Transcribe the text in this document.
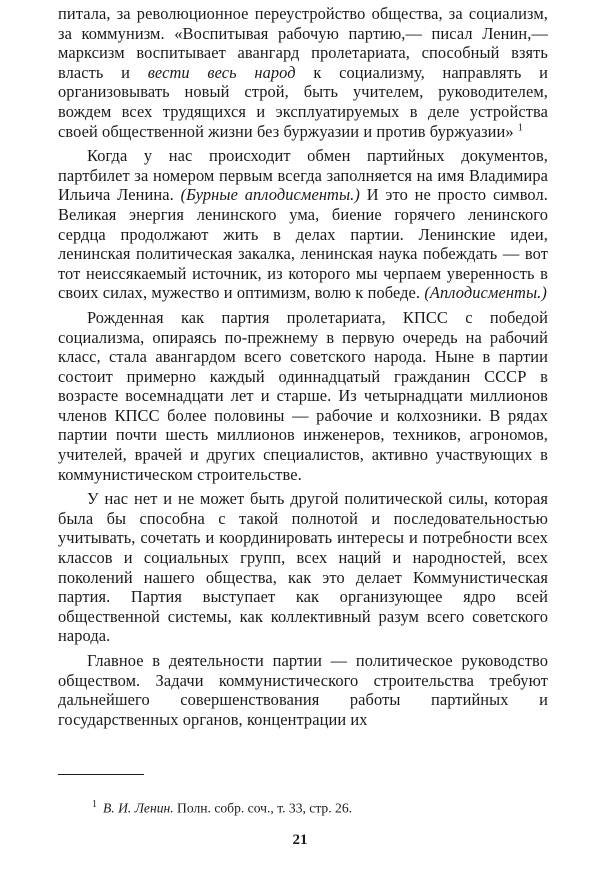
питала, за революционное переустройство общества, за социализм, за коммунизм. «Воспитывая рабочую партию,— писал Ленин,— марксизм воспитывает авангард пролетариата, способный взять власть и вести весь народ к социализму, направлять и организовывать новый строй, быть учителем, руководителем, вождем всех трудящихся и эксплуатируемых в деле устройства своей общественной жизни без буржуазии и против буржуазии» $^1$

Когда у нас происходит обмен партийных документов, партбилет за номером первым всегда заполняется на имя Владимира Ильича Ленина. (Бурные аплодисменты.) И это не просто символ. Великая энергия ленинского ума, биение горячего ленинского сердца продолжают жить в делах партии. Ленинские идеи, ленинская политическая закалка, ленинская наука побеждать — вот тот неиссякаемый источник, из которого мы черпаем уверенность в своих силах, мужество и оптимизм, волю к победе. (Аплодисменты.)

Рожденная как партия пролетариата, КПСС с победой социализма, опираясь по-прежнему в первую очередь на рабочий класс, стала авангардом всего советского народа. Ныне в партии состоит примерно каждый одиннадцатый гражданин СССР в возрасте восемнадцати лет и старше. Из четырнадцати миллионов членов КПСС более половины — рабочие и колхозники. В рядах партии почти шесть миллионов инженеров, техников, агрономов, учителей, врачей и других специалистов, активно участвующих в коммунистическом строительстве.

У нас нет и не может быть другой политической силы, которая была бы способна с такой полнотой и последовательностью учитывать, сочетать и координировать интересы и потребности всех классов и социальных групп, всех наций и народностей, всех поколений нашего общества, как это делает Коммунистическая партия. Партия выступает как организующее ядро всей общественной системы, как коллективный разум всего советского народа.

Главное в деятельности партии — политическое руководство обществом. Задачи коммунистического строительства требуют дальнейшего совершенствования работы партийных и государственных органов, концентрации их

$^1$ В. И. Ленин. Полн. собр. соч., т. 33, стр. 26.
21
